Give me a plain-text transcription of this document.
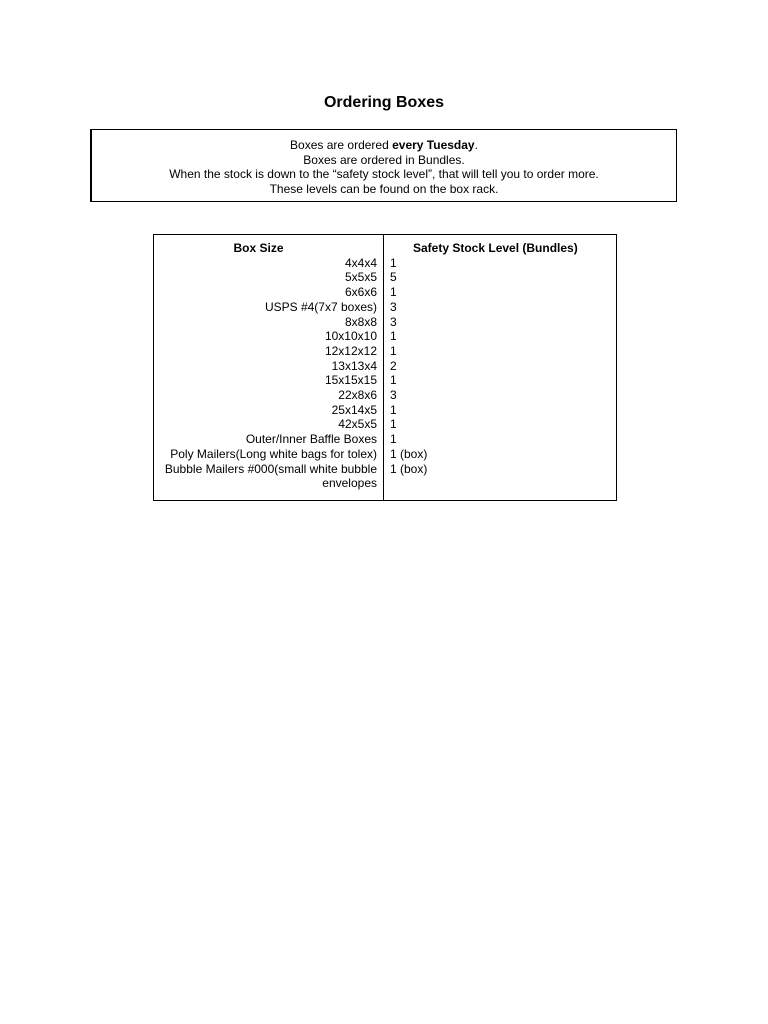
Ordering Boxes
Boxes are ordered every Tuesday.
Boxes are ordered in Bundles.
When the stock is down to the “safety stock level”, that will tell you to order more.
These levels can be found on the box rack.
Box Size
4x4x4
5x5x5
6x6x6
USPS #4(7x7 boxes)
8x8x8
10x10x10
12x12x12
13x13x4
15x15x15
22x8x6
25x14x5
42x5x5
Outer/Inner Baffle Boxes
Poly Mailers(Long white bags for tolex)
Bubble Mailers #000(small white bubble envelopes
Safety Stock Level (Bundles)
1
5
1
3
3
1
1
2
1
3
1
1
1
1 (box)
1 (box)
